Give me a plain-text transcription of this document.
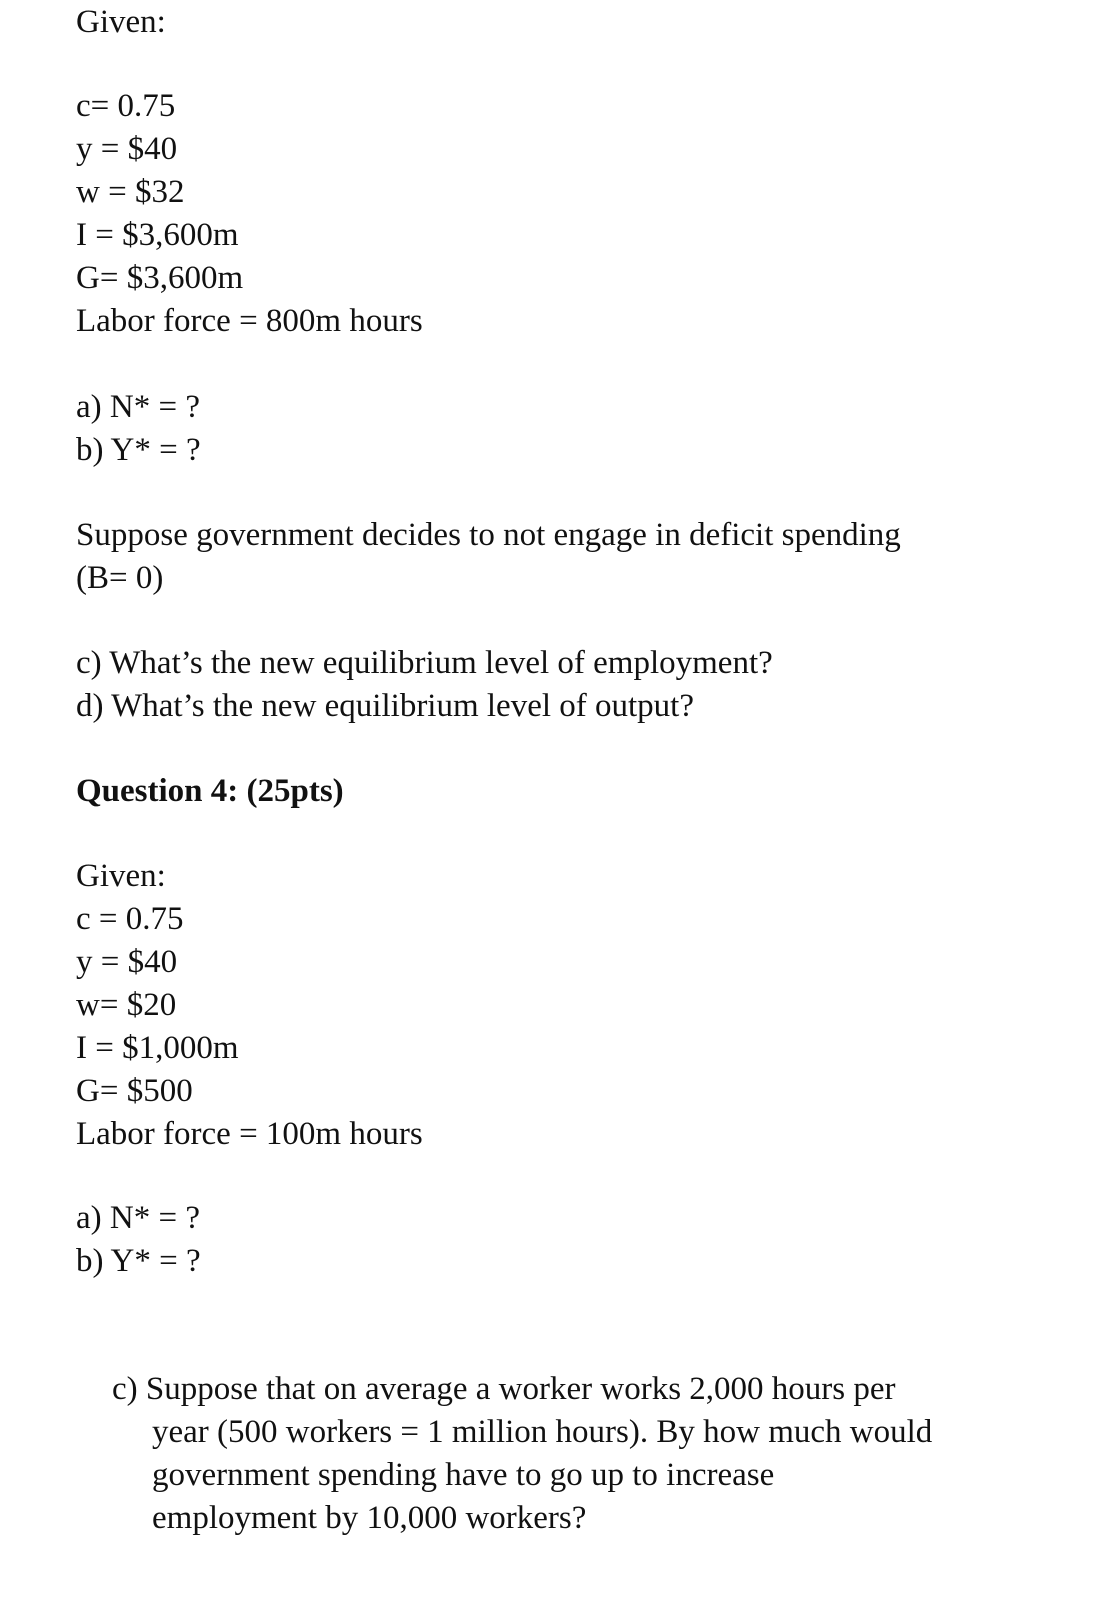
Given:
c= 0.75
y = $40
w = $32
I = $3,600m
G= $3,600m
Labor force = 800m hours
a) N* = ?
b) Y* = ?
Suppose government decides to not engage in deficit spending
(B= 0)
c) What’s the new equilibrium level of employment?
d) What’s the new equilibrium level of output?
Question 4: (25pts)
Given:
c = 0.75
y = $40
w= $20
I = $1,000m
G= $500
Labor force = 100m hours
a) N* = ?
b) Y* = ?
c) Suppose that on average a worker works 2,000 hours per
year (500 workers = 1 million hours). By how much would
government spending have to go up to increase
employment by 10,000 workers?
